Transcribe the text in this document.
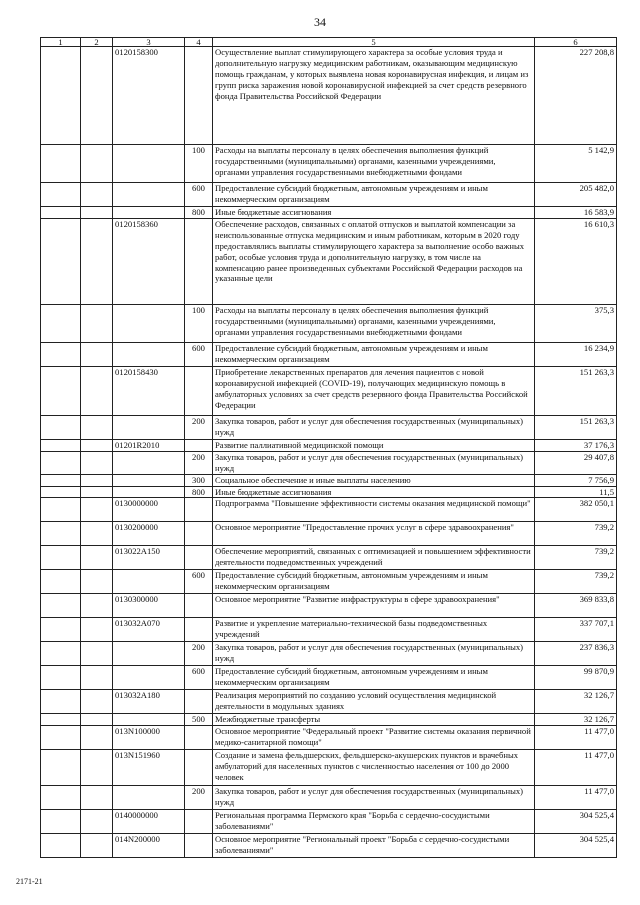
34
1	2	3	4	5	6
		0120158300		Осуществление выплат стимулирующего характера за особые условия труда и дополнительную нагрузку медицинским работникам, оказывающим медицинскую помощь гражданам, у которых выявлена новая коронавирусная инфекция, и лицам из групп риска заражения новой коронавирусной инфекцией за счет средств резервного фонда Правительства Российской Федерации	227 208,8
			100	Расходы на выплаты персоналу в целях обеспечения выполнения функций государственными (муниципальными) органами, казенными учреждениями, органами управления государственными внебюджетными фондами	5 142,9
			600	Предоставление субсидий бюджетным, автономным учреждениям и иным некоммерческим организациям	205 482,0
			800	Иные бюджетные ассигнования	16 583,9
		0120158360		Обеспечение расходов, связанных с оплатой отпусков и выплатой компенсации за неиспользованные отпуска медицинским и иным работникам, которым в 2020 году предоставлялись выплаты стимулирующего характера за выполнение особо важных работ, особые условия труда и дополнительную нагрузку, в том числе на компенсацию ранее произведенных субъектами Российской Федерации расходов на указанные цели	16 610,3
			100	Расходы на выплаты персоналу в целях обеспечения выполнения функций государственными (муниципальными) органами, казенными учреждениями, органами управления государственными внебюджетными фондами	375,3
			600	Предоставление субсидий бюджетным, автономным учреждениям и иным некоммерческим организациям	16 234,9
		0120158430		Приобретение лекарственных препаратов для лечения пациентов с новой коронавирусной инфекцией (COVID-19), получающих медицинскую помощь в амбулаторных условиях за счет средств резервного фонда Правительства Российской Федерации	151 263,3
			200	Закупка товаров, работ и услуг для обеспечения государственных (муниципальных) нужд	151 263,3
		01201R2010		Развитие паллиативной медицинской помощи	37 176,3
			200	Закупка товаров, работ и услуг для обеспечения государственных (муниципальных) нужд	29 407,8
			300	Социальное обеспечение и иные выплаты населению	7 756,9
			800	Иные бюджетные ассигнования	11,5
		0130000000		Подпрограмма "Повышение эффективности системы оказания медицинской помощи"	382 050,1
		0130200000		Основное мероприятие "Предоставление прочих услуг в сфере здравоохранения"	739,2
		013022A150		Обеспечение мероприятий, связанных с оптимизацией и повышением эффективности деятельности подведомственных учреждений	739,2
			600	Предоставление субсидий бюджетным, автономным учреждениям и иным некоммерческим организациям	739,2
		0130300000		Основное мероприятие "Развитие инфраструктуры в сфере здравоохранения"	369 833,8
		013032A070		Развитие и укрепление материально-технической базы подведомственных учреждений	337 707,1
			200	Закупка товаров, работ и услуг для обеспечения государственных (муниципальных) нужд	237 836,3
			600	Предоставление субсидий бюджетным, автономным учреждениям и иным некоммерческим организациям	99 870,9
		013032A180		Реализация мероприятий по созданию условий осуществления медицинской деятельности в модульных зданиях	32 126,7
			500	Межбюджетные трансферты	32 126,7
		013N100000		Основное мероприятие "Федеральный проект "Развитие системы оказания первичной медико-санитарной помощи"	11 477,0
		013N151960		Создание и замена фельдшерских, фельдшерско-акушерских пунктов и врачебных амбулаторий для населенных пунктов с численностью населения от 100 до 2000 человек	11 477,0
			200	Закупка товаров, работ и услуг для обеспечения государственных (муниципальных) нужд	11 477,0
		0140000000		Региональная программа Пермского края "Борьба с сердечно-сосудистыми заболеваниями"	304 525,4
		014N200000		Основное мероприятие "Региональный проект "Борьба с сердечно-сосудистыми заболеваниями"	304 525,4
2171-21
